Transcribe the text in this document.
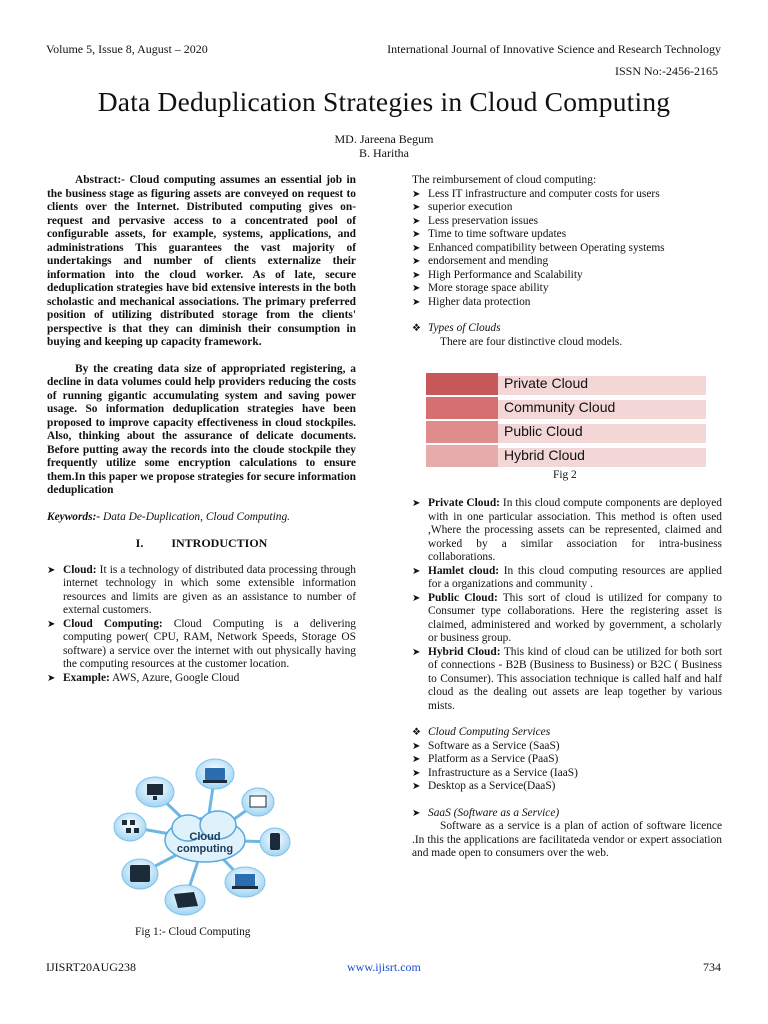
Volume 5, Issue 8, August – 2020	International Journal of Innovative Science and Research Technology
ISSN No:-2456-2165
Data Deduplication Strategies in Cloud Computing
MD. Jareena Begum
B. Haritha

Abstract:- Cloud computing assumes an essential job in the business stage as figuring assets are conveyed on request to clients over the Internet. Distributed computing gives on-request and pervasive access to a concentrated pool of configurable assets, for example, systems, applications, and administrations This guarantees the vast majority of undertakings and number of clients externalize their information into the cloud worker. As of late, secure deduplication strategies have bid extensive interests in the both scholastic and mechanical associations. The primary preferred position of utilizing distributed storage from the clients' perspective is that they can diminish their consumption in buying and keeping up capacity framework.

By the creating data size of appropriated registering, a decline in data volumes could help providers reducing the costs of running gigantic accumulating system and saving power usage. So information deduplication strategies have been proposed to improve capacity effectiveness in cloud stockpiles. Also, thinking about the assurance of delicate documents. Before putting away the records into the cloude stockpile they frequently utilize some encryption calculations to ensure them.In this paper we propose strategies for secure information deduplication

Keywords:- Data De-Duplication, Cloud Computing.

I. INTRODUCTION
➤ Cloud: It is a technology of distributed data processing through internet technology in which some extensible information resources and limits are given as an assistance to number of external customers.
➤ Cloud Computing: Cloud Computing is a delivering computing power( CPU, RAM, Network Speeds, Storage OS software) a service over the internet with out physically having the computing resources at the customer location.
➤ Example: AWS, Azure, Google Cloud
Cloud
computing
Fig 1:- Cloud Computing

The reimbursement of cloud computing:

➤ Less IT infrastructure and computer costs for users
➤ superior execution
➤ Less preservation issues
➤ Time to time software updates
➤ Enhanced compatibility between Operating systems
➤ endorsement and mending
➤ High Performance and Scalability
➤ More storage space ability
➤ Higher data protection

❖ Types of Clouds

There are four distinctive cloud models.

Private Cloud
Community Cloud
Public Cloud
Hybrid Cloud
Fig 2
➤ Private Cloud: In this cloud compute components are deployed with in one particular association. This method is often used ,Where the processing assets can be represented, claimed and worked by a similar association for intra-business collaborations.
➤ Hamlet cloud: In this cloud computing resources are applied for a organizations and community .
➤ Public Cloud: This sort of cloud is utilized for company to Consumer type collaborations. Here the registering asset is claimed, administered and worked by government, a scholarly or business group.
➤ Hybrid Cloud: This kind of cloud can be utilized for both sort of connections - B2B (Business to Business) or B2C ( Business to Consumer). This association technique is called half and half cloud as the dealing out assets are leap together by various mists.

❖ Cloud Computing Services

➤ Software as a Service (SaaS)
➤ Platform as a Service (PaaS)
➤ Infrastructure as a Service (IaaS)
➤ Desktop as a Service(DaaS)

➤ SaaS (Software as a Service)

Software as a service is a plan of action of software licence .In this the applications are facilitateda vendor or expert association and made open to consumers over the web.

IJISRT20AUG238	www.ijisrt.com	734
